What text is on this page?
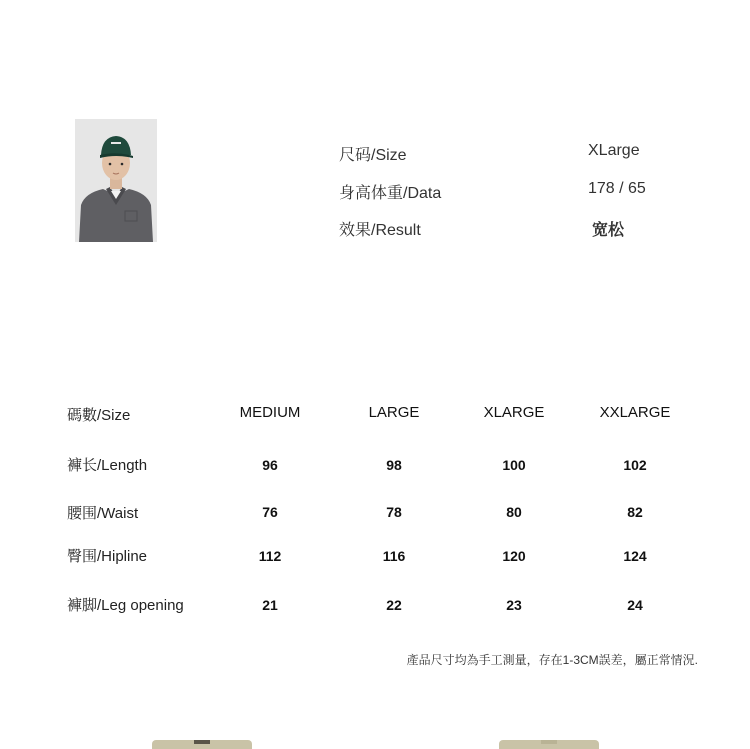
尺码/Size	XLarge
身高体重/Data	178 / 65
效果/Result	宽松
碼數/Size	MEDIUM	LARGE	XLARGE	XXLARGE
褲长/Length	96	98	100	102
腰围/Waist	76	78	80	82
臀围/Hipline	112	116	120	124
褲脚/Leg opening	21	22	23	24
產品尺寸均為手工測量，存在1-3CM誤差，屬正常情況.
